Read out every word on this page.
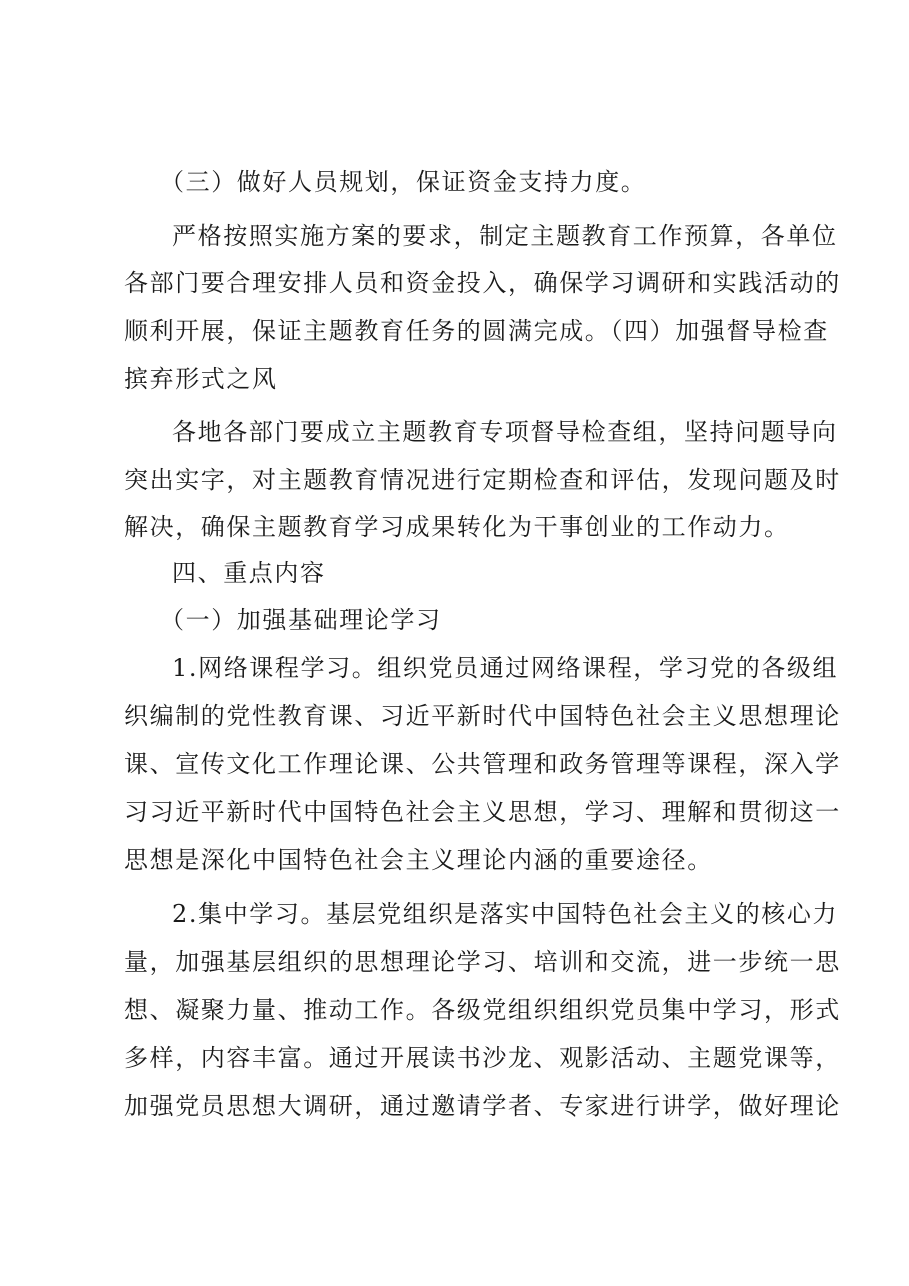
（三）做好人员规划，保证资金支持力度。
严格按照实施方案的要求，制定主题教育工作预算，各单位
各部门要合理安排人员和资金投入，确保学习调研和实践活动的
顺利开展，保证主题教育任务的圆满完成。（四）加强督导检查
摈弃形式之风
各地各部门要成立主题教育专项督导检查组，坚持问题导向
突出实字，对主题教育情况进行定期检查和评估，发现问题及时
解决，确保主题教育学习成果转化为干事创业的工作动力。
四、重点内容
（一）加强基础理论学习
1.网络课程学习。组织党员通过网络课程，学习党的各级组
织编制的党性教育课、习近平新时代中国特色社会主义思想理论
课、宣传文化工作理论课、公共管理和政务管理等课程，深入学
习习近平新时代中国特色社会主义思想，学习、理解和贯彻这一
思想是深化中国特色社会主义理论内涵的重要途径。
2.集中学习。基层党组织是落实中国特色社会主义的核心力
量，加强基层组织的思想理论学习、培训和交流，进一步统一思
想、凝聚力量、推动工作。各级党组织组织党员集中学习，形式
多样，内容丰富。通过开展读书沙龙、观影活动、主题党课等，
加强党员思想大调研，通过邀请学者、专家进行讲学，做好理论
